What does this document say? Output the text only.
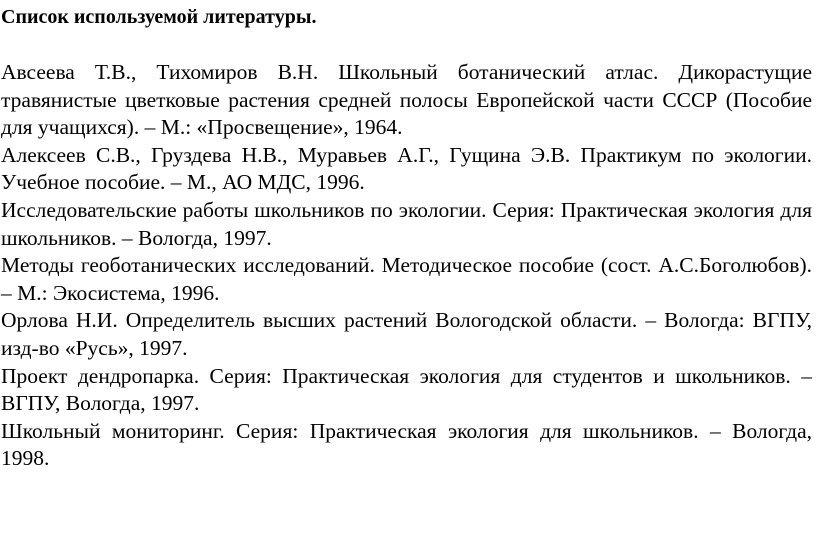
Список используемой литературы.

Авсеева Т.В., Тихомиров В.Н. Школьный ботанический атлас. Дикорастущие травянистые цветковые растения средней полосы Европейской части СССР (Пособие для учащихся). – М.: «Просвещение», 1964.
Алексеев С.В., Груздева Н.В., Муравьев А.Г., Гущина Э.В. Практикум по экологии. Учебное пособие. – М., АО МДС, 1996.
Исследовательские работы школьников по экологии. Серия: Практическая экология для школьников. – Вологда, 1997.
Методы геоботанических исследований. Методическое пособие (сост. А.С.Боголюбов). – М.: Экосистема, 1996.
Орлова Н.И. Определитель высших растений Вологодской области. – Вологда: ВГПУ, изд-во «Русь», 1997.
Проект дендропарка. Серия: Практическая экология для студентов и школьников. – ВГПУ, Вологда, 1997.
Школьный мониторинг. Серия: Практическая экология для школьников. – Вологда, 1998.
